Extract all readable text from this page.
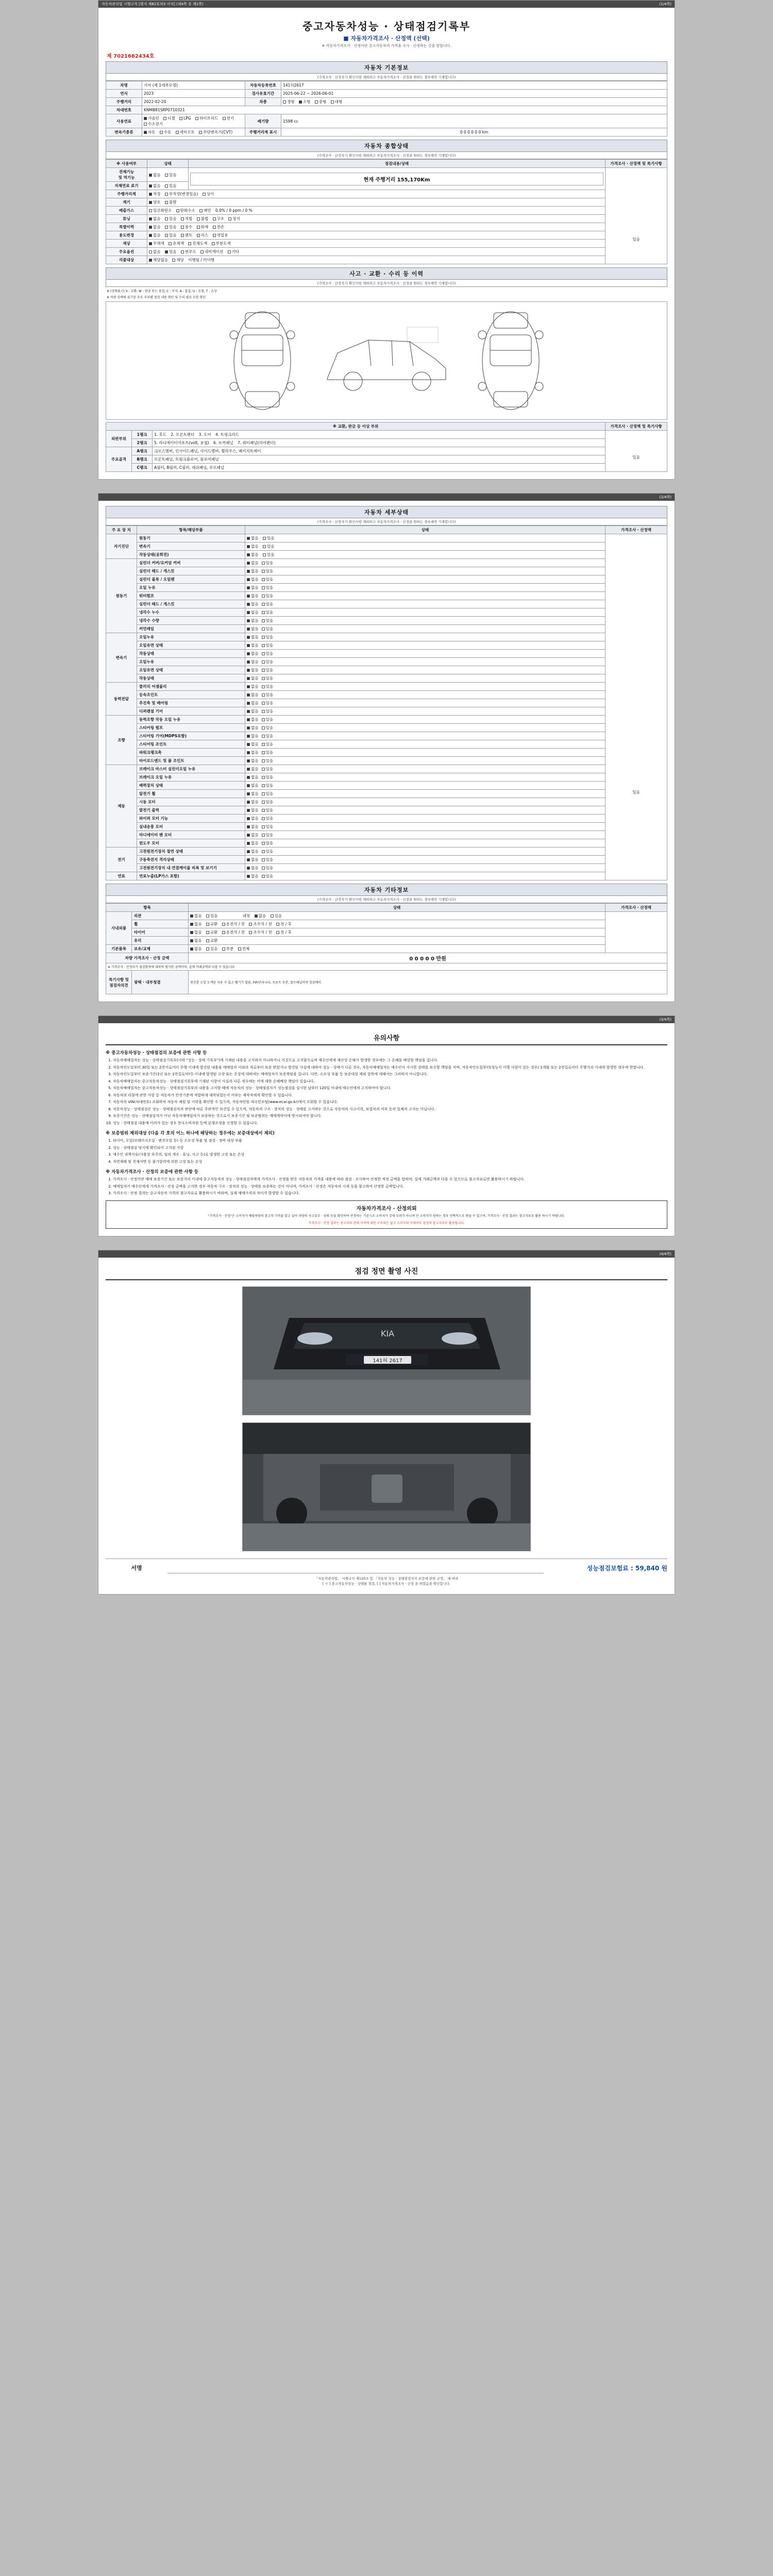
자동차관리법 시행규칙 [별지 제82호의3 서식] (제4쪽 중 제1쪽)	(1/4쪽)
중고자동차성능 · 상태점검기록부
■ 자동차가격조사 · 산정액 (선택)
※ 자동차가격조사 · 산정이란 중고자동차의 가격을 조사 · 산정하는 것을 말합니다.
제 7021662434호
자동차 기본정보
(가격조사 · 산정자가 확인사항 제외하고 자동차가격조사 · 산정을 원하는 경우에만 기재합니다)
차명	기아 (제 1세부모델)	자동차등록번호	141허2617
연식	2023	검사유효기간	2025-06-22 ~ 2026-06-01
주행거리	2022-02-20	차종	경형 소형 중형 대형
차대번호	KNMB81SRP0710321		
사용연료	가솔린 디젤 LPG 하이브리드 전기 수소전기	배기량	1598 cc
변속기종류	자동 수동 세미오토 무단변속기(CVT)	주행거리계 표시	0 0 0 0 0 0 km
자동차 종합상태
(가격조사 · 산정자가 확인사항 제외하고 자동차가격조사 · 산정을 원하는 경우에만 기재합니다)
※ 사용여부	상태	점검내용/상태	가격조사 · 산정액 및 특기사항
전체기능
및 역기능	없음 있음	현재 주행거리 155,170Km	있음

자체연료 표기	없음 있음		
주행거리계	적정 부적정(변경있음) 상이		
계기	양호 불량		
배출가스	일산화탄소 탄화수소 매연 0.0% / 0 ppm / 0 %		
튜닝	없음 있음 적법 불법 구조 장치		
특별이력	없음 있음 침수 화재 전손		
용도변경	없음 있음 렌트 리스 영업용		
색상	무채색 유채색 전체도색 부분도색		
주요옵션	없음 있음 썬루프 네비게이션 기타		
리콜대상	해당없음 해당 이행됨 / 미이행		
사고 · 교환 · 수리 등 이력
(가격조사 · 산정자가 확인사항 제외하고 자동차가격조사 · 산정을 원하는 경우에만 기재합니다)
※ (상태표시) X : 교환, W : 판금 또는 용접, C : 부식, A : 흠집, U : 요철, T : 손상
※ 차량 상태에 표기된 주요 부위별 점검 내용 확인 및 수리 필요 부분 확인
※ 교환, 판금 등 이상 부위			가격조사 · 산정액 및 특기사항
외판부위	1랭크	1. 후드 2. 프론트펜더 3. 도어 4. 트렁크리드	있음

	2랭크	5. 라디에이터서포트(volt, 용접) 6. 로커패널 7. 쿼터패널(리어펜더)	
주요골격	A랭크	크로스멤버, 인사이드패널, 사이드멤버, 휠하우스, 패키지트레이	
	B랭크	프론트패널, 트렁크플로어, 플로어패널	
	C랭크	A필러, B필러, C필러, 대쉬패널, 루프패널	
(2/4쪽)
자동차 세부상태
(가격조사 · 산정자가 확인사항 제외하고 자동차가격조사 · 산정을 원하는 경우에만 기재합니다)
주 요 장 치	항목/해당부품	상태	가격조사 · 산정액
자기진단	원동기	없음 있음	있음

	변속기	없음 있음	
	작동상태(공회전)	없음 있음	
원동기	실린더 커버/로커암 커버	없음 있음	
	실린더 헤드 / 개스킷	없음 있음	
	실린더 블록 / 오일팬	없음 있음	
	오일 누유	없음 있음	
	워터펌프	없음 있음	
	실린더 헤드 / 개스킷	없음 있음	
	냉각수 누수	없음 있음	
	냉각수 수량	없음 있음	
	커먼레일	없음 있음	
변속기	오일누유	없음 있음	
	오일유면 상태	없음 있음	
	작동상태	없음 있음	
	오일누유	없음 있음	
	오일유면 상태	없음 있음	
	작동상태	없음 있음	
동력전달	클러치 어셈블리	없음 있음	
	등속조인트	없음 있음	
	추진축 및 베어링	없음 있음	
	디퍼렌셜 기어	없음 있음	
조향	동력조향 작동 오일 누유	없음 있음	
	스티어링 펌프	없음 있음	
	스티어링 기어(MDPS포함)	없음 있음	
	스티어링 조인트	없음 있음	
	파워크랭크축	없음 있음	
	타이로드엔드 및 볼 조인트	없음 있음	
제동	브레이크 마스터 실린더오일 누유	없음 있음	
	브레이크 오일 누유	없음 있음	
	배력장치 상태	없음 있음	
	앞전기 휠	없음 있음	
	시동 모터	없음 있음	
	발전기 출력	없음 있음	
	와이퍼 모터 기능	없음 있음	
	실내송풍 모터	없음 있음	
	라디에이터 팬 모터	없음 있음	
	윈도우 모터	없음 있음	
전기	고전원전기장치 절연 상태	없음 있음	
	구동축전지 격리상태	없음 있음	
	고전원전기장치 내 연결케이블 피복 및 보기기	없음 있음	
연료	연료누출(LP가스 포함)	없음 있음	
자동차 기타정보
(가격조사 · 산정자가 확인사항 제외하고 자동차가격조사 · 산정을 원하는 경우에만 기재합니다)
항목		상태	가격조사 · 산정액
사내외품	외관	없음 있음 내장 없음 있음	
	휠	없음 교환 운전석 / 전 조수석 / 전 전 / 후	
	타이어	없음 교환 운전석 / 전 조수석 / 전 전 / 후	
	유리	없음 교환	
기본품목	보유/교체	없음 있음 부분 전체	
차량 가격조사 · 산정 금액		0 0 0 0 0 만원	
※ 가격조사 · 산정자가 점검항목에 대하여 평가한 금액이며, 실제 거래금액과 다를 수 있습니다.			
특기사항 및 점검자의견	광택 · 내부청결	엔진룸 오일 도색된 자동 수 있고 휠기기 말씀, FIP/인피니티, 프론트 부분, 볼트패널이며 정검메이.	
(3/4쪽)
유의사항
※ 중고자동차성능 · 상태점검의 보증에 관한 사항 등
1. 자동차매매업자는 성능 · 상태점검기록부(이하 "성능 · 상태 기록부")에 기재된 내용을 고지하지 아니하거나 거짓으로 고지함으로써 매수인에게 재산상 손해가 발생한 경우에는 그 손해를 배상할 책임을 집니다.
2. 자동차인도일부터 30일 또는 2천키로미터 주행 이내에 발견된 내용을 매매업자 이외의 자로부터 보증 받았거나 발견된 사실에 대하여 성능 · 상태가 다른 경우, 자동차매매업자는 매수인이 지시한 상태를 보수할 책임을 지며, 자동차인도일부터(성능지 이행 사항이 있는 경우) 1개월 또는 2천킬로미터 주행거리 이내에 발생한 경우에 한합니다.
3. 자동차인도일부터 보증기간(1년 또는 1만킬로미터) 이내에 발생된 고장 또는 손상에 대하여는 매매업자가 보증책임을 집니다. 다만, 소모성 부품 등 보증대상 제외 항목에 대해서는 그러하지 아니합니다.
4. 자동차매매업자는 중고자동차성능 · 상태점검기록부에 기재된 사항이 사실과 다른 경우에는 이에 대한 손해배상 책임이 있습니다.
5. 자동차매매업자는 중고자동차성능 · 상태점검기록부의 내용을 고지할 때에 자동차의 성능 · 상태점검자가 성능점검을 실시한 날부터 120일 이내에 매수인에게 고지하여야 합니다.
6. 자동차의 리콜에 관한 사항 등 자동차가 안전기준에 적합하게 제작되었는지 여부는 제작자에게 확인할 수 있습니다.
7. 자동차의 VIN(차대번호) 조회하여 자동차 제원 및 이력을 확인할 수 있으며, 자동차민원 대국민포털(www.ecar.go.kr)에서 조회할 수 있습니다.
8. 자동차성능 · 상태점검은 성능 · 상태점검자의 판단에 따른 주관적인 의견일 수 있으며, 자동차의 구조 · 장치의 성능 · 상태를 고지하는 것으로 자동차의 사고이력, 보험처리 여부 등의 일체의 고지는 아닙니다.
9. 보증기간은 성능 · 상태점검자가 아닌 자동차매매업자가 보증하는 것으로서 보증기간 및 보증범위는 매매계약서에 명시되어야 합니다.
10. 성능 · 상태점검 내용에 이의가 있는 경우 한국소비자원 등에 분쟁조정을 신청할 수 있습니다.
※ 보증범위 제외대상 (다음 각 호의 어느 하나에 해당하는 경우에는 보증대상에서 제외)
1. 타이어, 오일(브레이크오일 · 엔진오일 등) 등 소모성 부품 및 점검 · 정비 대상 부품
2. 성능 · 상태점검 당시에 확인되어 고지된 사항
3. 매수인 귀책사유(사용상 부주의, 임의 개조 · 튜닝, 사고 등)로 발생한 고장 또는 손상
4. 자연재해 및 천재지변 등 불가항력에 의한 고장 또는 손상
※ 자동차가격조사 · 산정의 보증에 관한 사항 등
1. 가격조사 · 산정이란 매매 보증기간 또는 보증거리 이내에 중고자동차의 성능 · 상태점검자에게 가격조사 · 산정을 받은 자동차의 가격을 내용에 따라 점검 · 조사하여 산정한 적정 금액을 말하며, 실제 거래금액과 다를 수 있으므로 참고자료로만 활용하시기 바랍니다.
2. 매매업자가 매수인에게 가격조사 · 산정 금액을 고지한 경우 자동차 구조 · 장치의 성능 · 상태를 보증하는 것이 아니며, 가격조사 · 산정은 자동차의 시세 등을 참고하여 산정한 금액입니다.
3. 가격조사 · 산정 결과는 중고자동차 가격의 참고자료로 활용하시기 바라며, 실제 매매가격과 차이가 발생할 수 있습니다.
자동차가격조사 · 산정의뢰
"가격조사 · 산정"은 소비자가 해당차량의 중고차 가격을 알고 싶어 차량의 사고유무 · 상태 등을 확인하여 산정하는 기준으로 소비자가 강제 부과가 아니며 단 소비자가 원하는 경우 선택적으로 받을 수 있으며, 가격조사 · 산정 결과는 참고자료로 활용 하시기 바랍니다.
가격조사 · 산정 결과는 중고차의 판매 가격에 대한 구속력은 없고 소비자의 구매여부 결정에 참고자료로 활용됩니다.
(4/4쪽)
점검 정면 촬영 사진
141허 2617
KIA
서명	성능점검보험료 : 59,840 원
「자동차관리법」 시행규칙 제120조 및 「자동차 성능 · 상태점검자의 보증에 관한 규정」 에 따라
[ ㅇ ] 중고자동차성능 · 상태를 점검, [ ] 자동차가격조사 · 산정 을 하였음을 확인합니다.
